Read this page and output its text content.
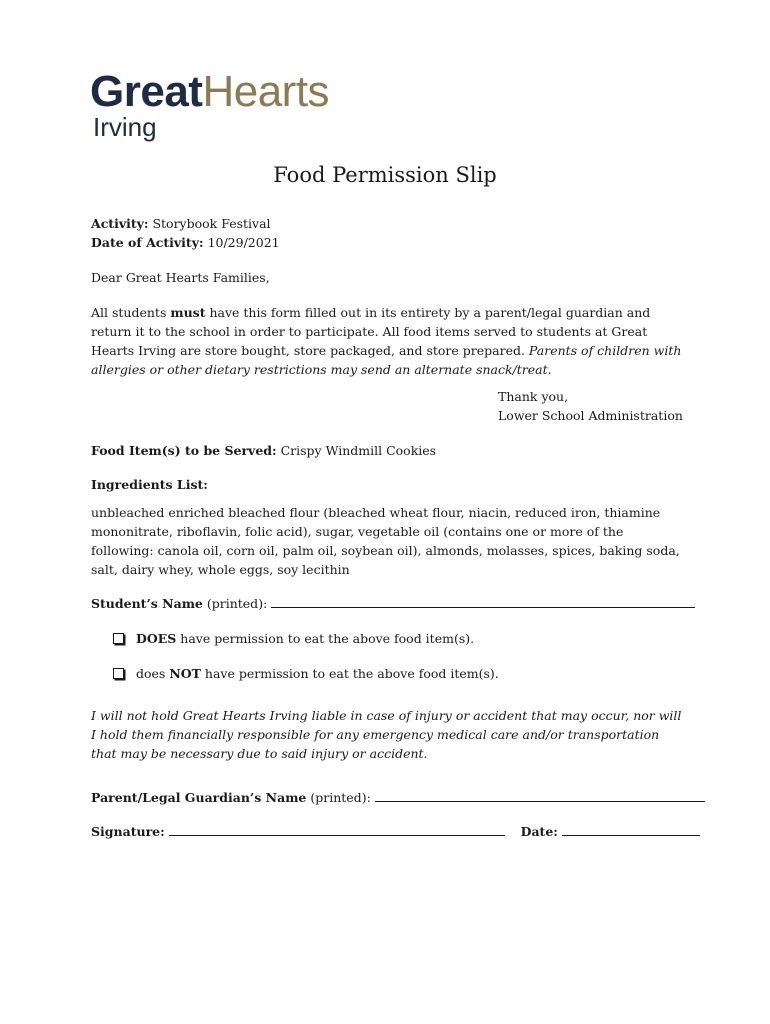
GreatHearts
Irving
Food Permission Slip
Activity: Storybook Festival
Date of Activity: 10/29/2021
Dear Great Hearts Families,
All students must have this form filled out in its entirety by a parent/legal guardian and return it to the school in order to participate. All food items served to students at Great Hearts Irving are store bought, store packaged, and store prepared. Parents of children with allergies or other dietary restrictions may send an alternate snack/treat.
Thank you,
Lower School Administration
Food Item(s) to be Served: Crispy Windmill Cookies
Ingredients List:
unbleached enriched bleached flour (bleached wheat flour, niacin, reduced iron, thiamine mononitrate, riboflavin, folic acid), sugar, vegetable oil (contains one or more of the following: canola oil, corn oil, palm oil, soybean oil), almonds, molasses, spices, baking soda, salt, dairy whey, whole eggs, soy lecithin
Student’s Name (printed):
DOES have permission to eat the above food item(s).
does NOT have permission to eat the above food item(s).
I will not hold Great Hearts Irving liable in case of injury or accident that may occur, nor will I hold them financially responsible for any emergency medical care and/or transportation that may be necessary due to said injury or accident.
Parent/Legal Guardian’s Name (printed):
Signature:	Date:
